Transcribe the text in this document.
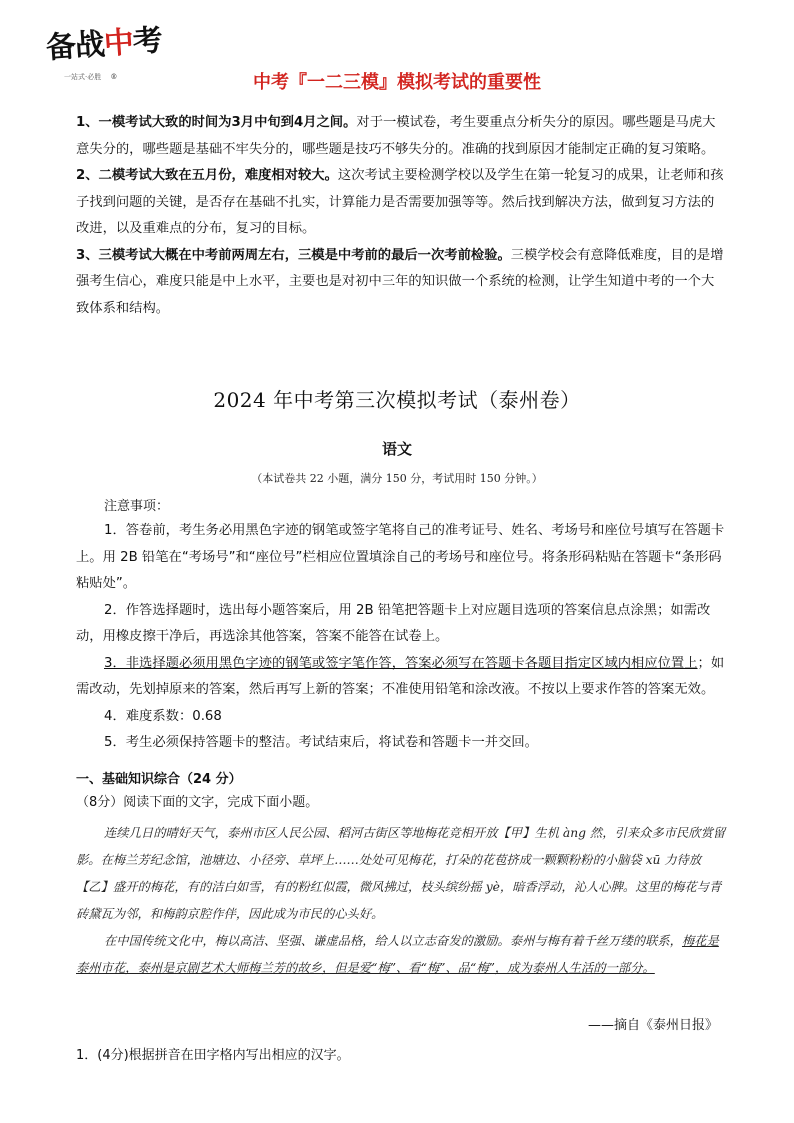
备战中考
一站式·必胜 ®	中考『一二三模』模拟考试的重要性

1、一模考试大致的时间为3月中旬到4月之间。对于一模试卷，考生要重点分析失分的原因。哪些题是马虎大意失分的，哪些题是基础不牢失分的，哪些题是技巧不够失分的。准确的找到原因才能制定正确的复习策略。

2、二模考试大致在五月份，难度相对较大。这次考试主要检测学校以及学生在第一轮复习的成果，让老师和孩子找到问题的关键，是否存在基础不扎实，计算能力是否需要加强等等。然后找到解决方法，做到复习方法的改进，以及重难点的分布，复习的目标。

3、三模考试大概在中考前两周左右，三模是中考前的最后一次考前检验。三模学校会有意降低难度，目的是增强考生信心，难度只能是中上水平，主要也是对初中三年的知识做一个系统的检测，让学生知道中考的一个大致体系和结构。

2024 年中考第三次模拟考试（泰州卷）
语文
（本试卷共 22 小题，满分 150 分，考试用时 150 分钟。）
注意事项：

1．答卷前，考生务必用黑色字迹的钢笔或签字笔将自己的准考证号、姓名、考场号和座位号填写在答题卡上。用 2B 铅笔在“考场号”和“座位号”栏相应位置填涂自己的考场号和座位号。将条形码粘贴在答题卡“条形码粘贴处”。

2．作答选择题时，选出每小题答案后，用 2B 铅笔把答题卡上对应题目选项的答案信息点涂黑；如需改动，用橡皮擦干净后，再选涂其他答案，答案不能答在试卷上。

3．非选择题必须用黑色字迹的钢笔或签字笔作答，答案必须写在答题卡各题目指定区域内相应位置上；如需改动，先划掉原来的答案，然后再写上新的答案；不准使用铅笔和涂改液。不按以上要求作答的答案无效。

4．难度系数：0.68

5．考生必须保持答题卡的整洁。考试结束后，将试卷和答题卡一并交回。

一、基础知识综合（24 分）
（8分）阅读下面的文字，完成下面小题。

连续几日的晴好天气，泰州市区人民公园、稻河古街区等地梅花竞相开放【甲】生机 àng 然，引来众多市民欣赏留影。在梅兰芳纪念馆，池塘边、小径旁、草坪上……处处可见梅花，打朵的花苞挤成一颗颗粉粉的小脑袋 xū 力待放【乙】盛开的梅花，有的洁白如雪，有的粉红似霞，微风拂过，枝头缤纷摇 yè，暗香浮动，沁人心脾。这里的梅花与青砖黛瓦为邻，和梅韵京腔作伴，因此成为市民的心头好。

在中国传统文化中，梅以高洁、坚强、谦虚品格，给人以立志奋发的激励。泰州与梅有着千丝万缕的联系，梅花是泰州市花，泰州是京剧艺术大师梅兰芳的故乡，但是爱“梅”、看“梅”、品“梅”，成为泰州人生活的一部分。

——摘自《泰州日报》
1．(4分)根据拼音在田字格内写出相应的汉字。
